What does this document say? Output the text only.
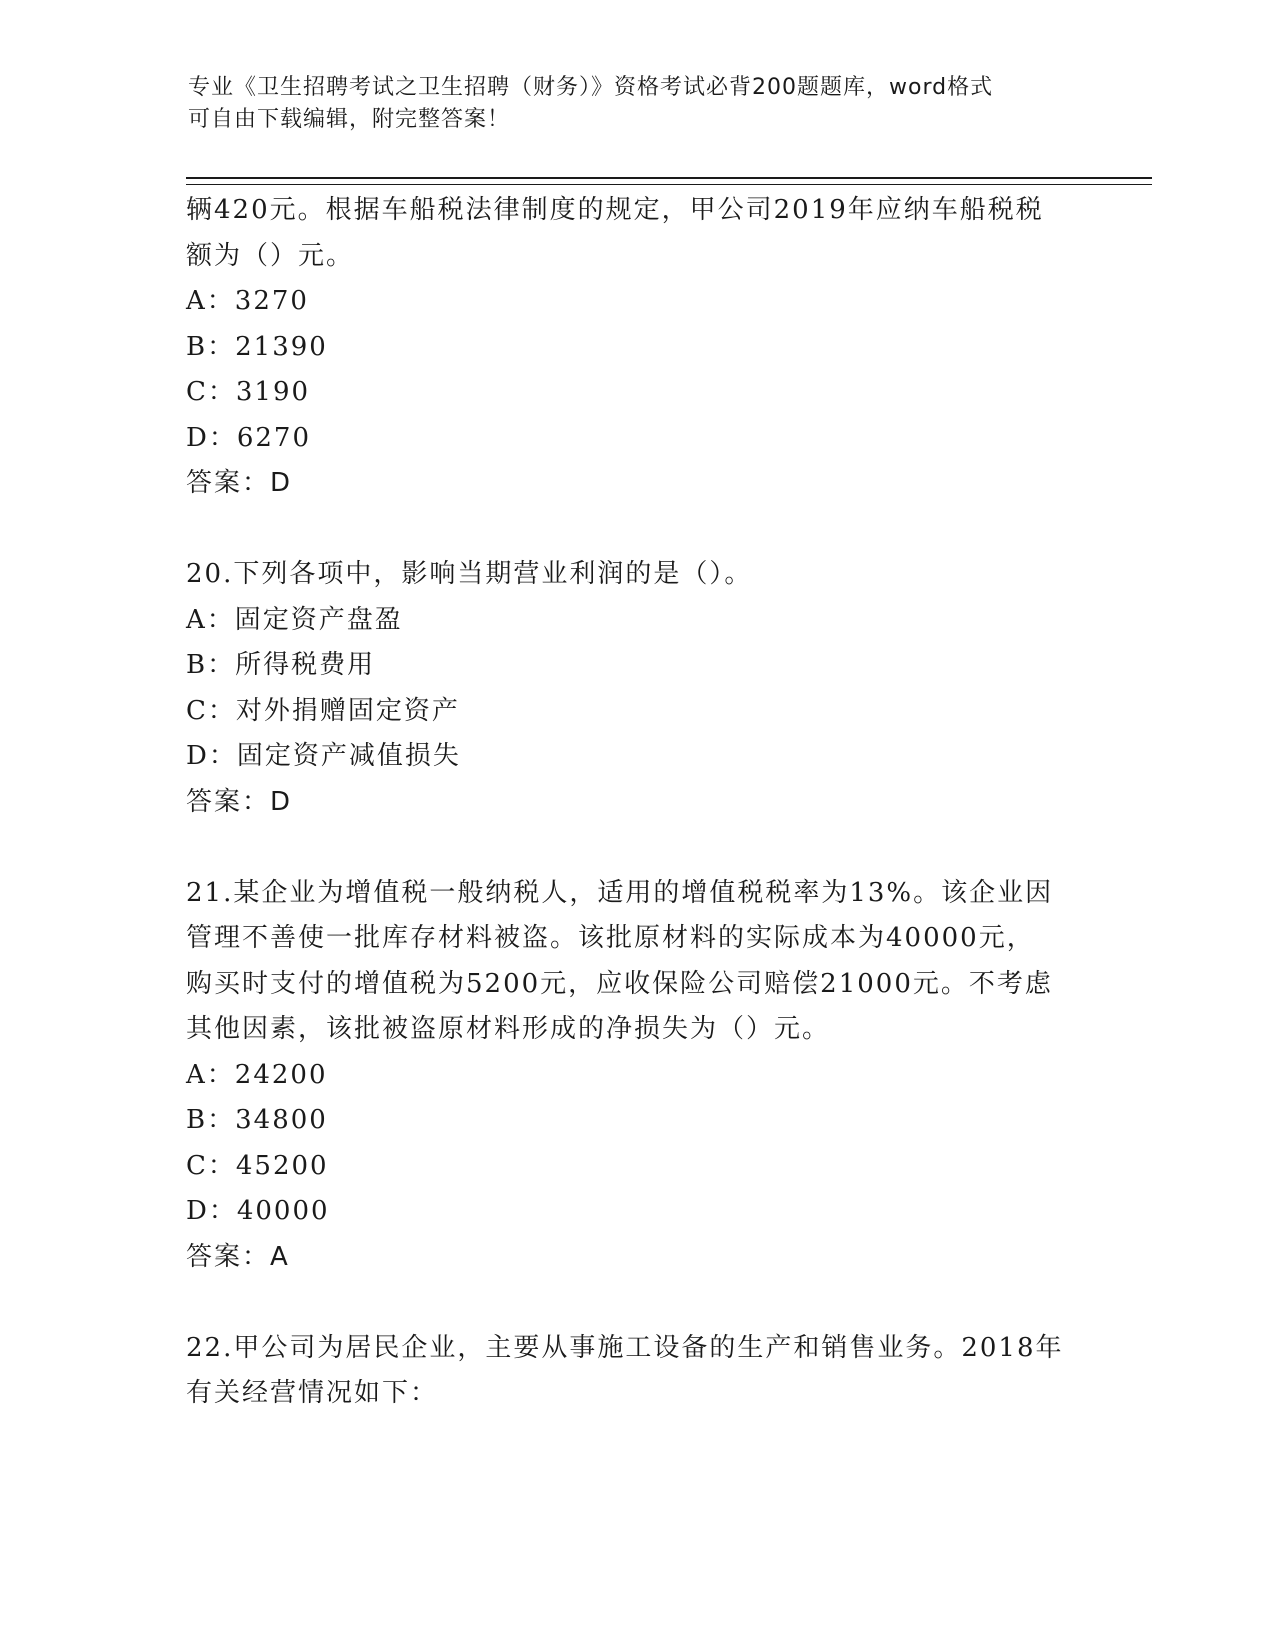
专业《卫生招聘考试之卫生招聘（财务）》资格考试必背200题题库，word格式
可自由下载编辑，附完整答案！
辆420元。根据车船税法律制度的规定，甲公司2019年应纳车船税税
额为（）元。
A：3270
B：21390
C：3190
D：6270
答案：D
20.下列各项中，影响当期营业利润的是（）。
A：固定资产盘盈
B：所得税费用
C：对外捐赠固定资产
D：固定资产减值损失
答案：D
21.某企业为增值税一般纳税人，适用的增值税税率为13%。该企业因
管理不善使一批库存材料被盗。该批原材料的实际成本为40000元，
购买时支付的增值税为5200元，应收保险公司赔偿21000元。不考虑
其他因素，该批被盗原材料形成的净损失为（）元。
A：24200
B：34800
C：45200
D：40000
答案：A
22.甲公司为居民企业，主要从事施工设备的生产和销售业务。2018年
有关经营情况如下：
